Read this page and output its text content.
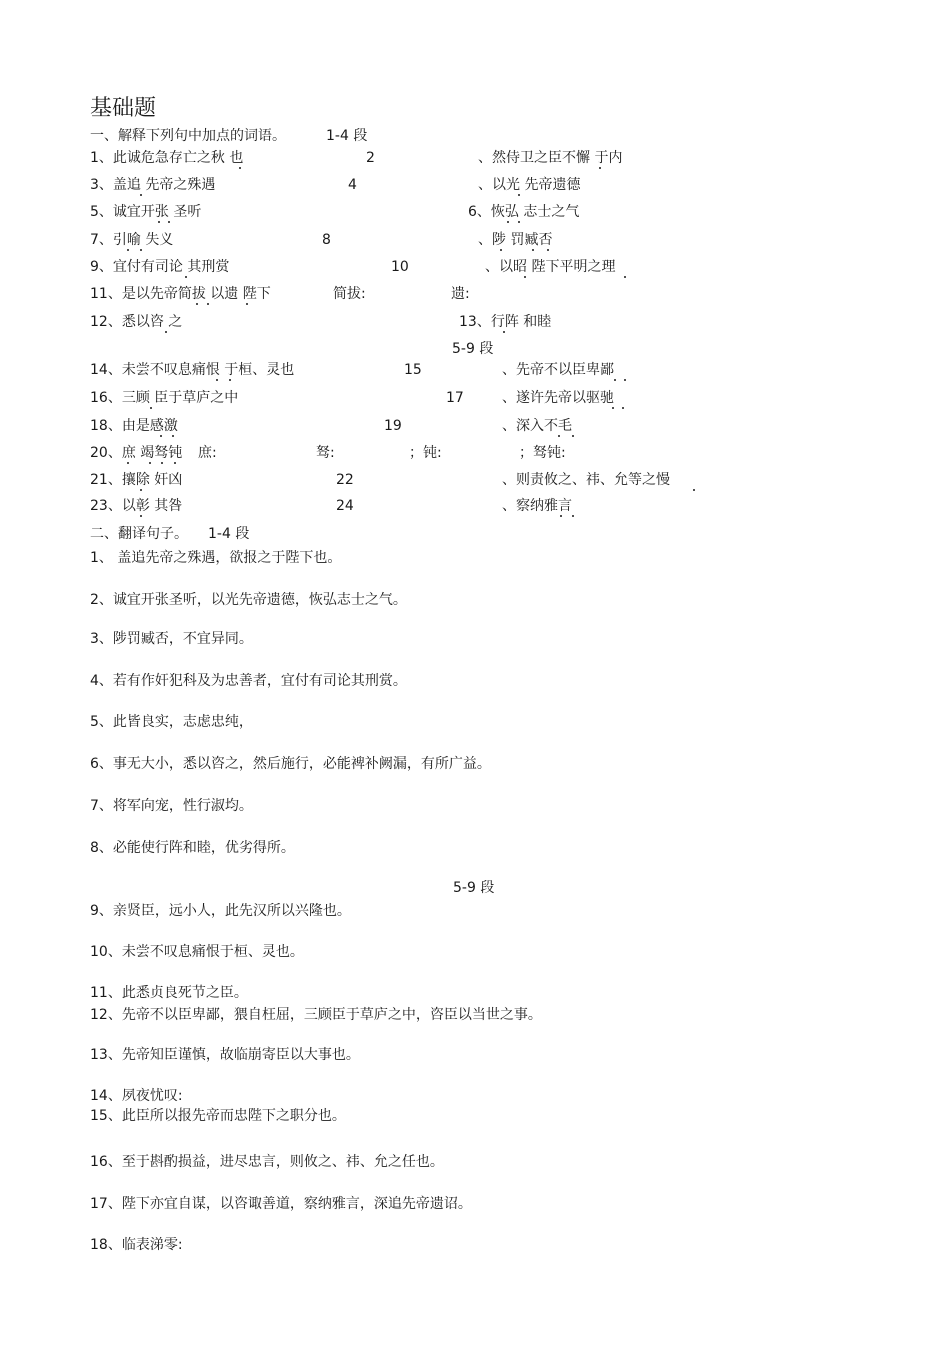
基础题
一、解释下列句中加点的词语。	1-4 段
1、此诚危急存亡之秋 也	2	、然侍卫之臣不懈 于内
3、盖追 先帝之殊遇	4	、以光 先帝遗德
5、诚宜开张 圣听	6、恢弘 志士之气
7、引喻 失义	8	、陟 罚臧否
9、宜付有司论 其刑赏	10	、以昭 陛下平明之理
11、是以先帝简拔 以遗 陛下	简拔:	遗:
12、悉以咨 之	13、行阵 和睦
5-9 段
14、未尝不叹息痛恨 于桓、灵也	15	、先帝不以臣卑鄙
16、三顾 臣于草庐之中	17	、遂许先帝以驱驰
18、由是感激	19	、深入不毛
20、庶 竭驽钝 庶:	驽:	；钝:	；驽钝:
21、攘除 奸凶	22	、则责攸之、祎、允等之慢
23、以彰 其咎	24	、察纳雅言
二、翻译句子。 1-4 段
1、 盖追先帝之殊遇，欲报之于陛下也。
2、诚宜开张圣听，以光先帝遗德，恢弘志士之气。
3、陟罚臧否，不宜异同。
4、若有作奸犯科及为忠善者，宜付有司论其刑赏。
5、此皆良实，志虑忠纯，
6、事无大小，悉以咨之，然后施行，必能裨补阙漏，有所广益。
7、将军向宠，性行淑均。
8、必能使行阵和睦，优劣得所。
5-9 段
9、亲贤臣，远小人，此先汉所以兴隆也。
10、未尝不叹息痛恨于桓、灵也。
11、此悉贞良死节之臣。
12、先帝不以臣卑鄙，猥自枉屈，三顾臣于草庐之中，咨臣以当世之事。
13、先帝知臣谨慎，故临崩寄臣以大事也。
14、夙夜忧叹:
15、此臣所以报先帝而忠陛下之职分也。
16、至于斟酌损益，进尽忠言，则攸之、祎、允之任也。
17、陛下亦宜自谋，以咨诹善道，察纳雅言，深追先帝遗诏。
18、临表涕零:
